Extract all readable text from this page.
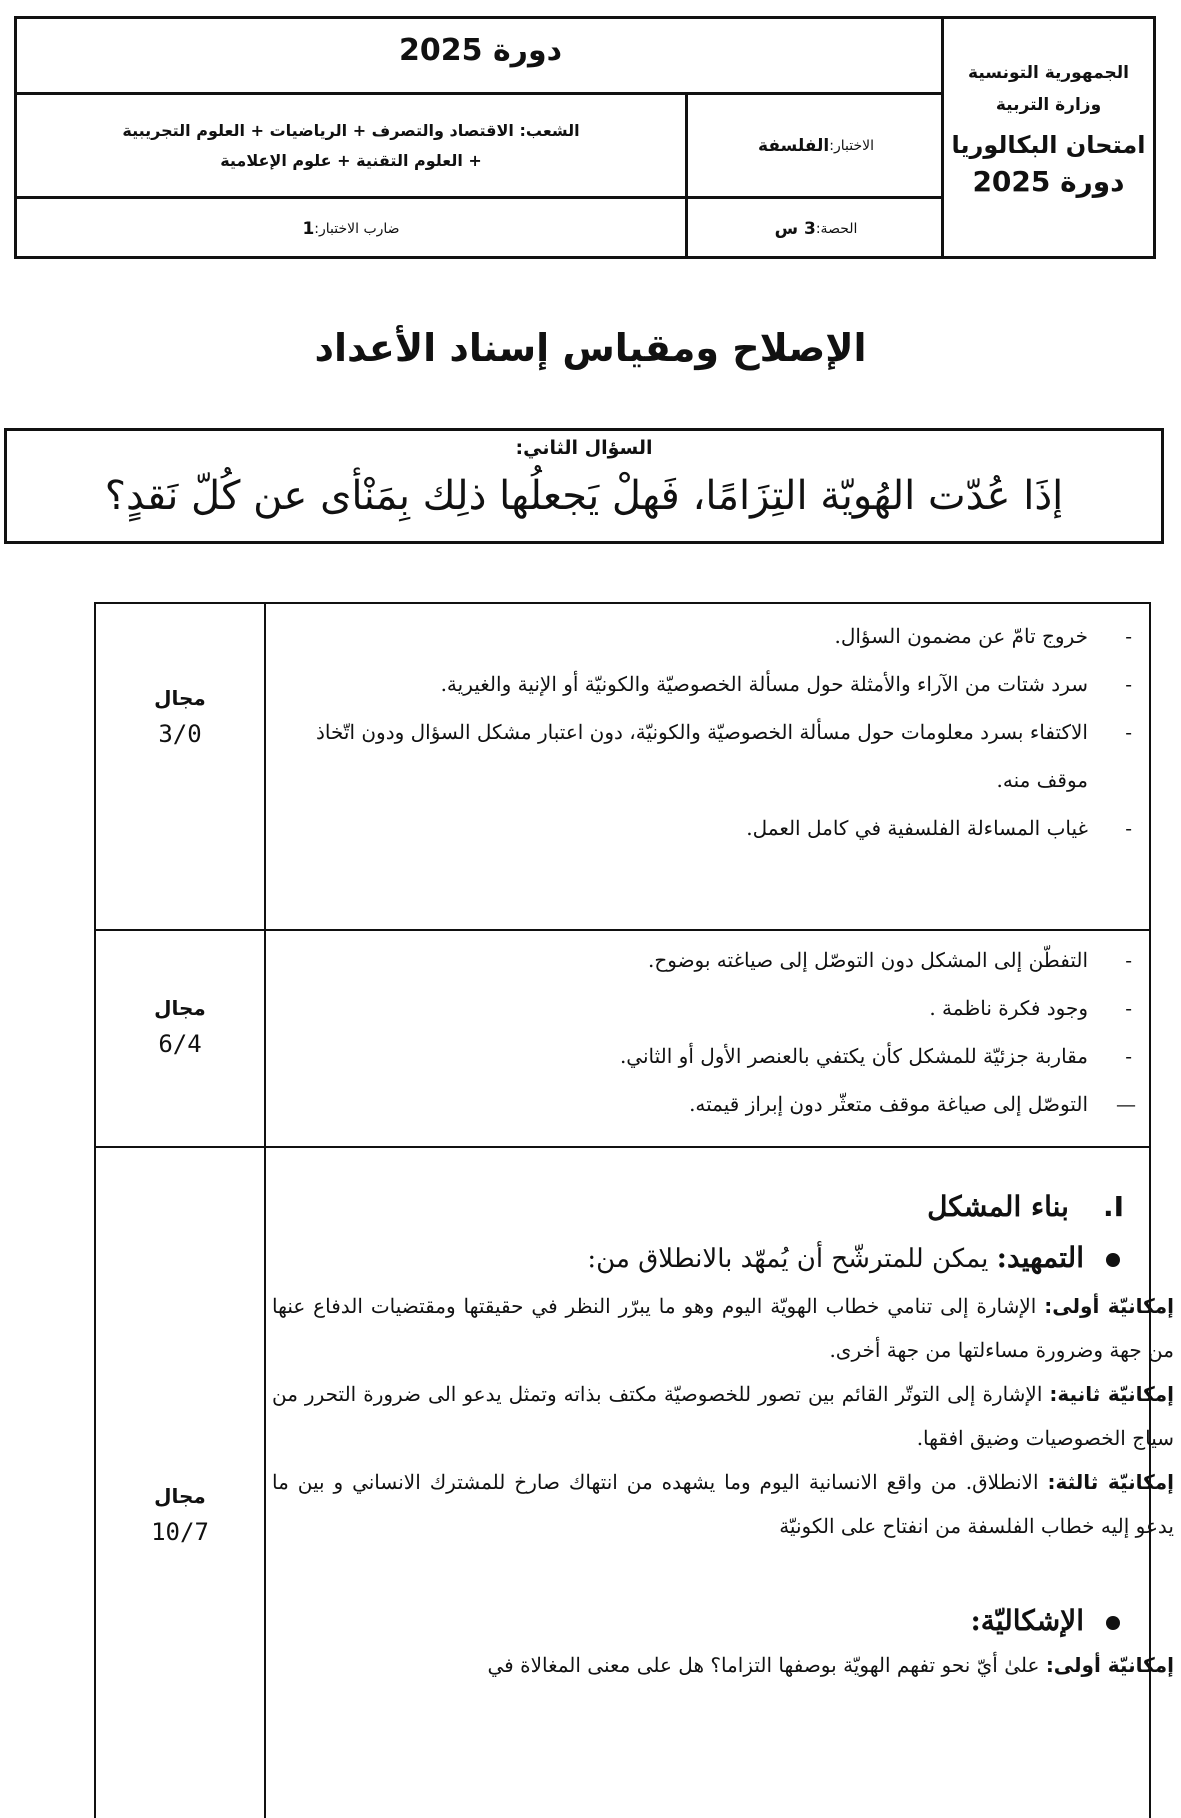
الجمهورية التونسية
وزارة التربية
امتحان البكالوريا
دورة 2025
دورة 2025
الاختبار:
الفلسفة
الشعب: الاقتصاد والتصرف + الرياضيات + العلوم التجريبية
+ العلوم التقنية + علوم الإعلامية
الحصة:
3 س
ضارب الاختبار:
1
الإصلاح ومقياس إسناد الأعداد
السؤال الثاني:
إذَا عُدّت الهُويّة التِزَامًا، فَهلْ يَجعلُها ذلِك بِمَنْأى عن كُلّ نَقدٍ؟
مجال
3/0
مجال
6/4
مجال
10/7
- خروج تامّ عن مضمون السؤال.
- سرد شتات من الآراء والأمثلة حول مسألة الخصوصيّة والكونيّة أو الإنية والغيرية.
- الاكتفاء بسرد معلومات حول مسألة الخصوصيّة والكونيّة، دون اعتبار مشكل السؤال ودون اتّخاذ موقف منه.
- غياب المساءلة الفلسفية في كامل العمل.
- التفطّن إلى المشكل دون التوصّل إلى صياغته بوضوح.
- وجود فكرة ناظمة .
- مقاربة جزئيّة للمشكل كأن يكتفي بالعنصر الأول أو الثاني.
— التوصّل إلى صياغة موقف متعثّر دون إبراز قيمته.
I.بناء المشكل
التمهيد: يمكن للمترشّح أن يُمهّد بالانطلاق من:

إمكانيّة أولى: الإشارة إلى تنامي خطاب الهويّة اليوم وهو ما يبرّر النظر في حقيقتها ومقتضيات الدفاع عنها من جهة وضرورة مساءلتها من جهة أخرى.

إمكانيّة ثانية: الإشارة إلى التوتّر القائم بين تصور للخصوصيّة مكتف بذاته وتمثل يدعو الى ضرورة التحرر من سياج الخصوصيات وضيق افقها.

إمكانيّة ثالثة: الانطلاق. من واقع الانسانية اليوم وما يشهده من انتهاك صارخ للمشترك الانساني و بين ما يدعو إليه خطاب الفلسفة من انفتاح على الكونيّة

الإشكاليّة:

إمكانيّة أولى: علىٰ أيّ نحو تفهم الهويّة بوصفها التزاما؟ هل على معنى المغالاة في
